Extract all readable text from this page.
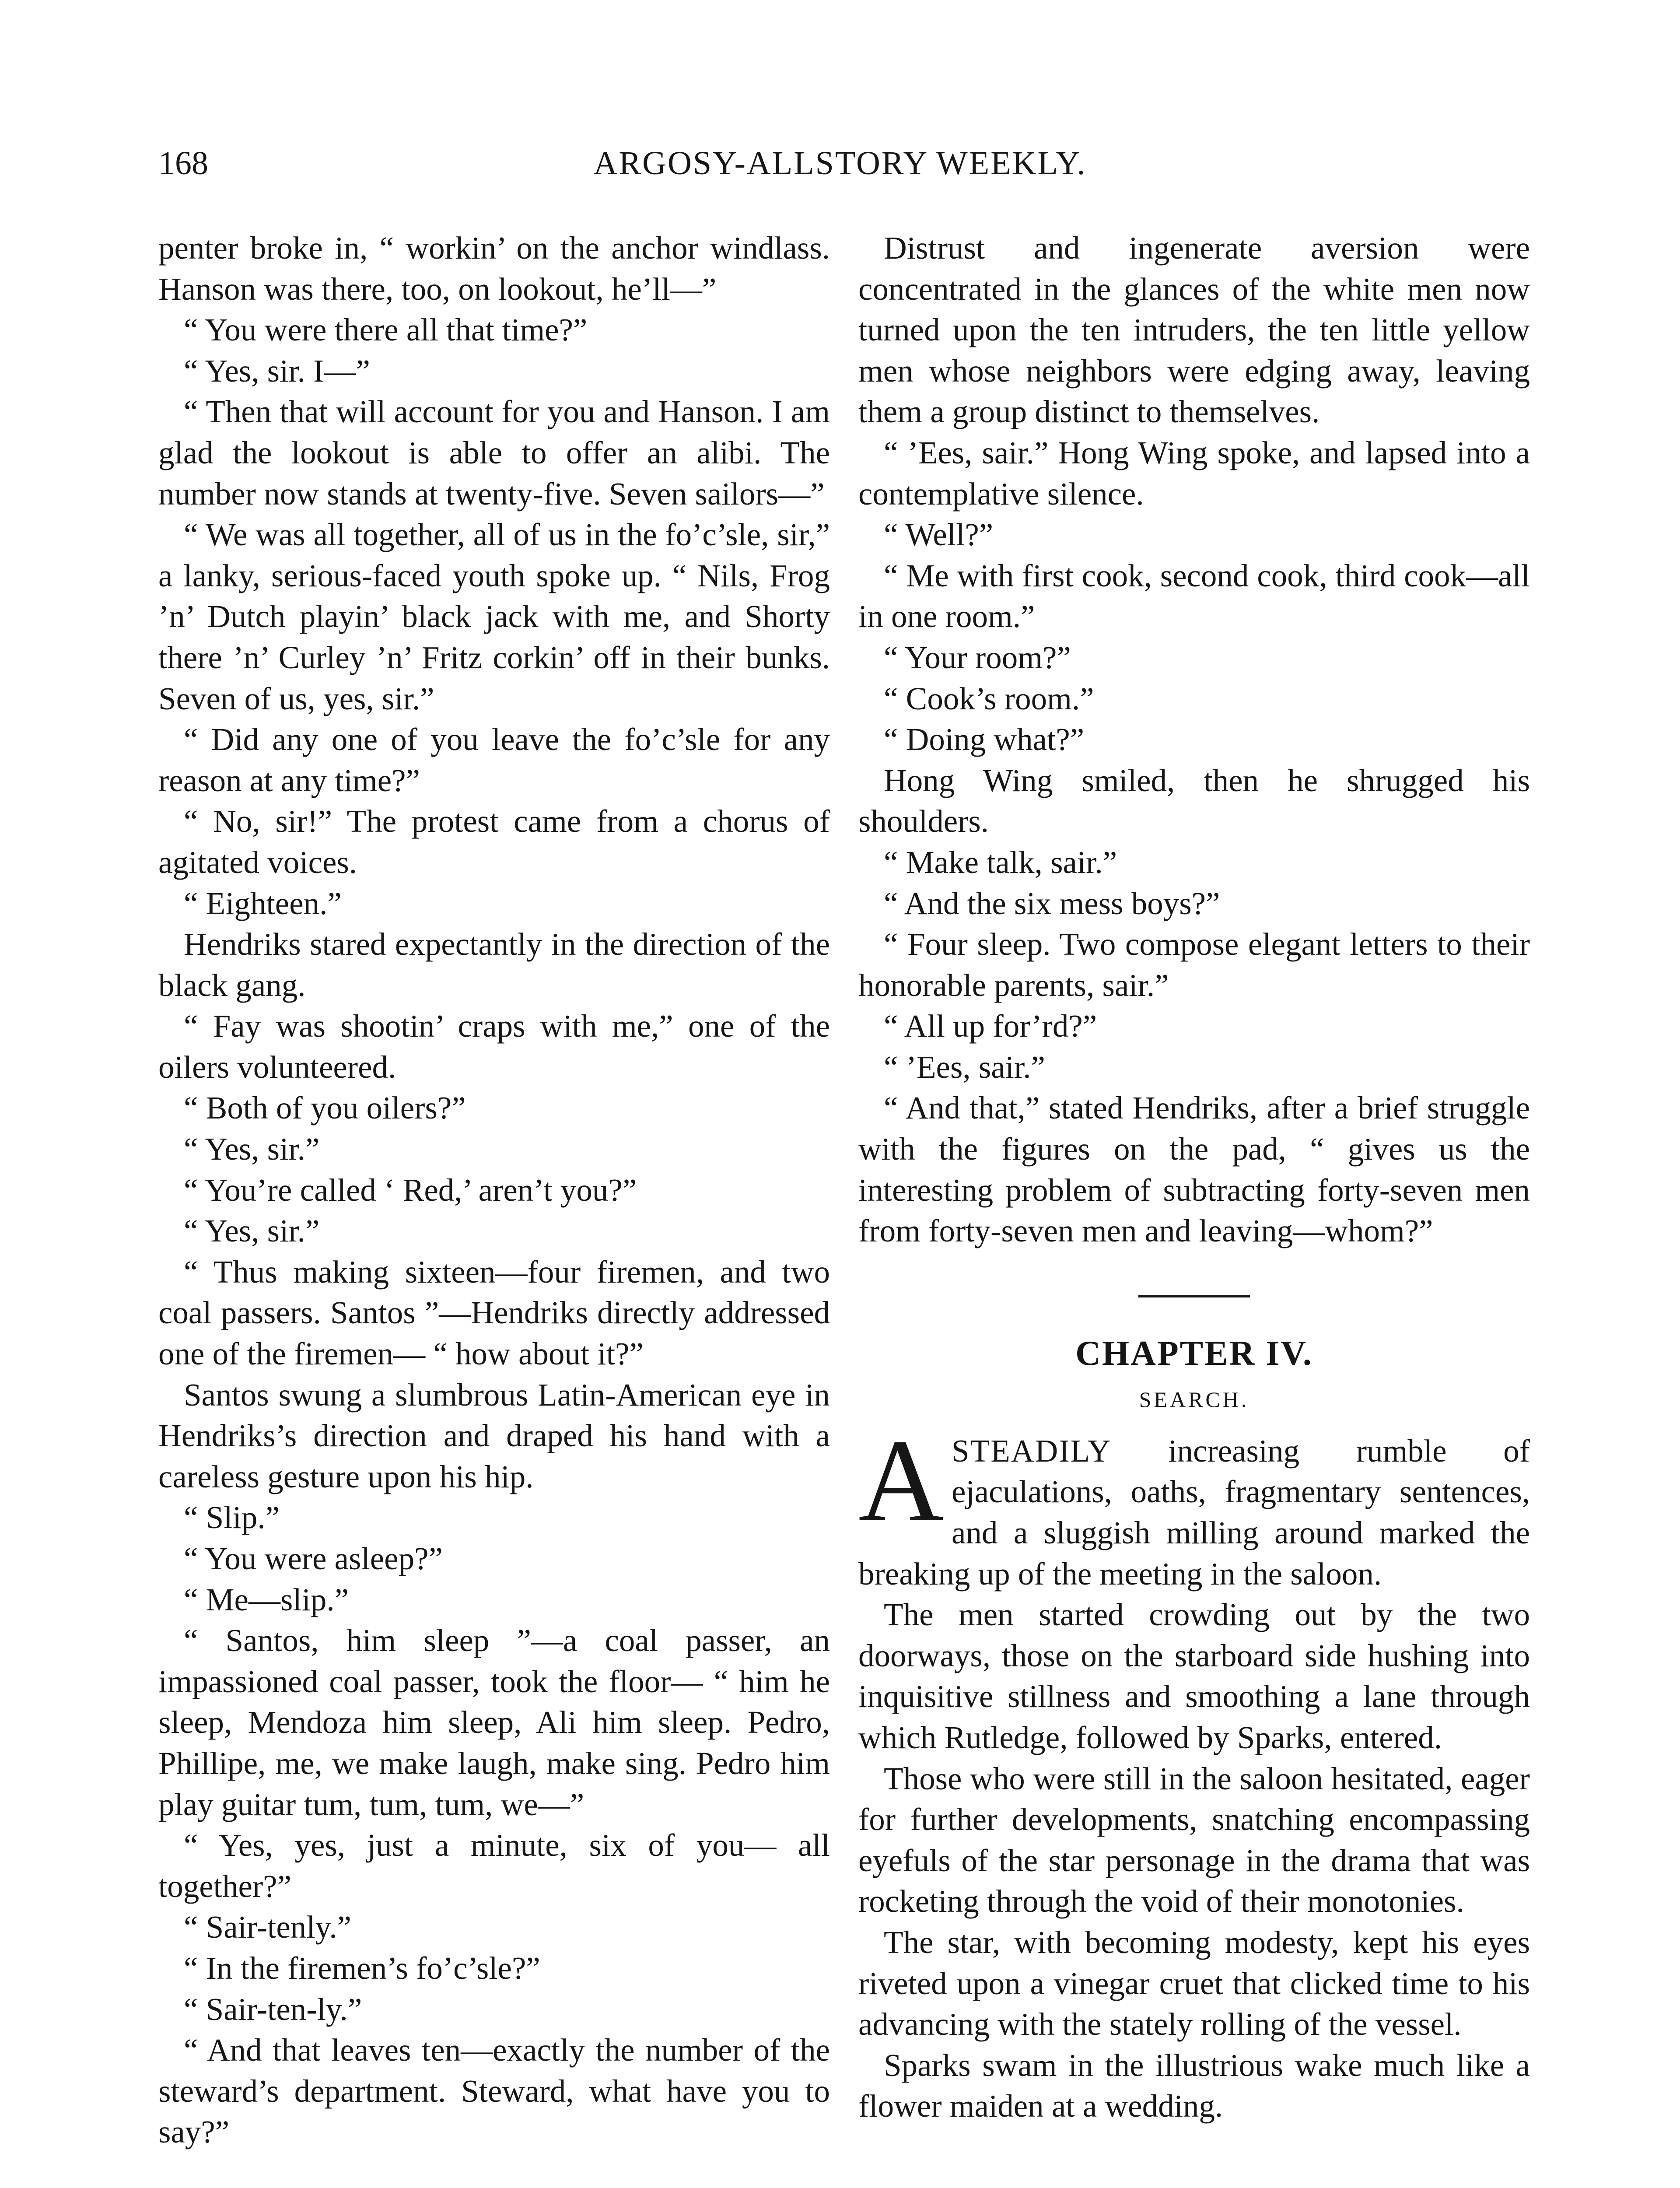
168	ARGOSY-ALLSTORY WEEKLY.

penter broke in, “ workin’ on the anchor windlass. Hanson was there, too, on lookout, he’ll—”

“ You were there all that time?”

“ Yes, sir. I—”

“ Then that will account for you and Hanson. I am glad the lookout is able to offer an alibi. The number now stands at twenty-five. Seven sailors—”

“ We was all together, all of us in the fo’c’sle, sir,” a lanky, serious-faced youth spoke up. “ Nils, Frog ’n’ Dutch playin’ black jack with me, and Shorty there ’n’ Curley ’n’ Fritz corkin’ off in their bunks. Seven of us, yes, sir.”

“ Did any one of you leave the fo’c’sle for any reason at any time?”

“ No, sir!” The protest came from a chorus of agitated voices.

“ Eighteen.”

Hendriks stared expectantly in the direction of the black gang.

“ Fay was shootin’ craps with me,” one of the oilers volunteered.

“ Both of you oilers?”

“ Yes, sir.”

“ You’re called ‘ Red,’ aren’t you?”

“ Yes, sir.”

“ Thus making sixteen—four firemen, and two coal passers. Santos ”—Hendriks directly addressed one of the firemen— “ how about it?”

Santos swung a slumbrous Latin-American eye in Hendriks’s direction and draped his hand with a careless gesture upon his hip.

“ Slip.”

“ You were asleep?”

“ Me—slip.”

“ Santos, him sleep ”—a coal passer, an impassioned coal passer, took the floor— “ him he sleep, Mendoza him sleep, Ali him sleep. Pedro, Phillipe, me, we make laugh, make sing. Pedro him play guitar tum, tum, tum, we—”

“ Yes, yes, just a minute, six of you— all together?”

“ Sair-tenly.”

“ In the firemen’s fo’c’sle?”

“ Sair-ten-ly.”

“ And that leaves ten—exactly the number of the steward’s department. Steward, what have you to say?”

Distrust and ingenerate aversion were concentrated in the glances of the white men now turned upon the ten intruders, the ten little yellow men whose neighbors were edging away, leaving them a group distinct to themselves.

“ ’Ees, sair.” Hong Wing spoke, and lapsed into a contemplative silence.

“ Well?”

“ Me with first cook, second cook, third cook—all in one room.”

“ Your room?”

“ Cook’s room.”

“ Doing what?”

Hong Wing smiled, then he shrugged his shoulders.

“ Make talk, sair.”

“ And the six mess boys?”

“ Four sleep. Two compose elegant letters to their honorable parents, sair.”

“ All up for’rd?”

“ ’Ees, sair.”

“ And that,” stated Hendriks, after a brief struggle with the figures on the pad, “ gives us the interesting problem of subtracting forty-seven men from forty-seven men and leaving—whom?”

CHAPTER IV.
SEARCH.

ASTEADILY increasing rumble of ejaculations, oaths, fragmentary sentences, and a sluggish milling around marked the breaking up of the meeting in the saloon.

The men started crowding out by the two doorways, those on the starboard side hushing into inquisitive stillness and smoothing a lane through which Rutledge, followed by Sparks, entered.

Those who were still in the saloon hesitated, eager for further developments, snatching encompassing eyefuls of the star personage in the drama that was rocketing through the void of their monotonies.

The star, with becoming modesty, kept his eyes riveted upon a vinegar cruet that clicked time to his advancing with the stately rolling of the vessel.

Sparks swam in the illustrious wake much like a flower maiden at a wedding.
